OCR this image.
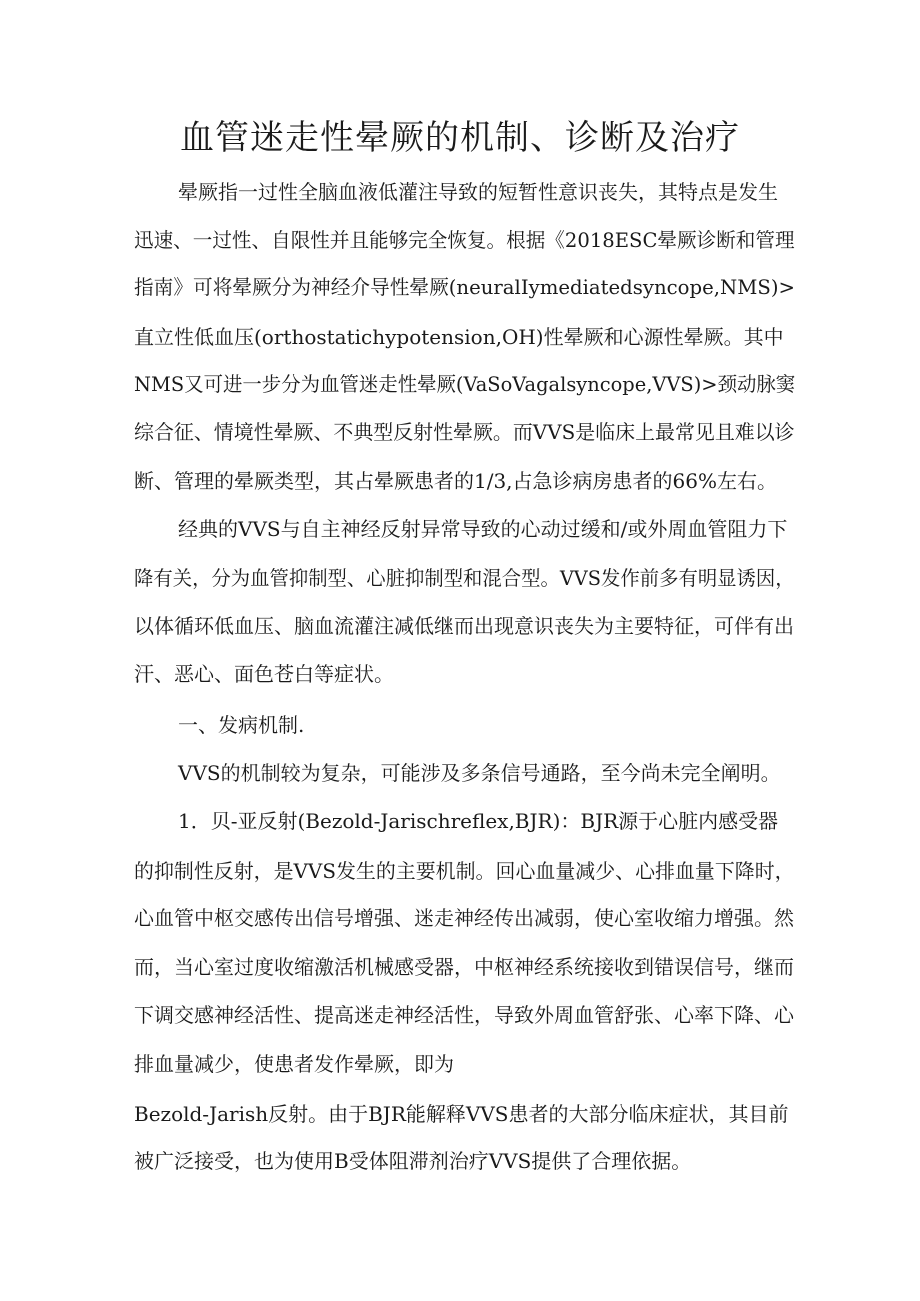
血管迷走性晕厥的机制、诊断及治疗

晕厥指一过性全脑血液低灌注导致的短暂性意识丧失，其特点是发生

迅速、一过性、自限性并且能够完全恢复。根据《2018ESC晕厥诊断和管理

指南》可将晕厥分为神经介导性晕厥(neuralIymediatedsyncope,NMS)>

直立性低血压(orthostatichypotension,OH)性晕厥和心源性晕厥。其中

NMS又可进一步分为血管迷走性晕厥(VaSoVagalsyncope,VVS)>颈动脉窦

综合征、情境性晕厥、不典型反射性晕厥。而VVS是临床上最常见且难以诊

断、管理的晕厥类型，其占晕厥患者的1/3,占急诊病房患者的66%左右。

经典的VVS与自主神经反射异常导致的心动过缓和/或外周血管阻力下

降有关，分为血管抑制型、心脏抑制型和混合型。VVS发作前多有明显诱因，

以体循环低血压、脑血流灌注减低继而出现意识丧失为主要特征，可伴有出

汗、恶心、面色苍白等症状。

一、发病机制.

VVS的机制较为复杂，可能涉及多条信号通路，至今尚未完全阐明。

1．贝-亚反射(Bezold-Jarischreflex,BJR)：BJR源于心脏内感受器

的抑制性反射，是VVS发生的主要机制。回心血量减少、心排血量下降时，

心血管中枢交感传出信号增强、迷走神经传出减弱，使心室收缩力增强。然

而，当心室过度收缩激活机械感受器，中枢神经系统接收到错误信号，继而

下调交感神经活性、提高迷走神经活性，导致外周血管舒张、心率下降、心

排血量减少，使患者发作晕厥，即为

Bezold-Jarish反射。由于BJR能解释VVS患者的大部分临床症状，其目前

被广泛接受，也为使用B受体阻滞剂治疗VVS提供了合理依据。
